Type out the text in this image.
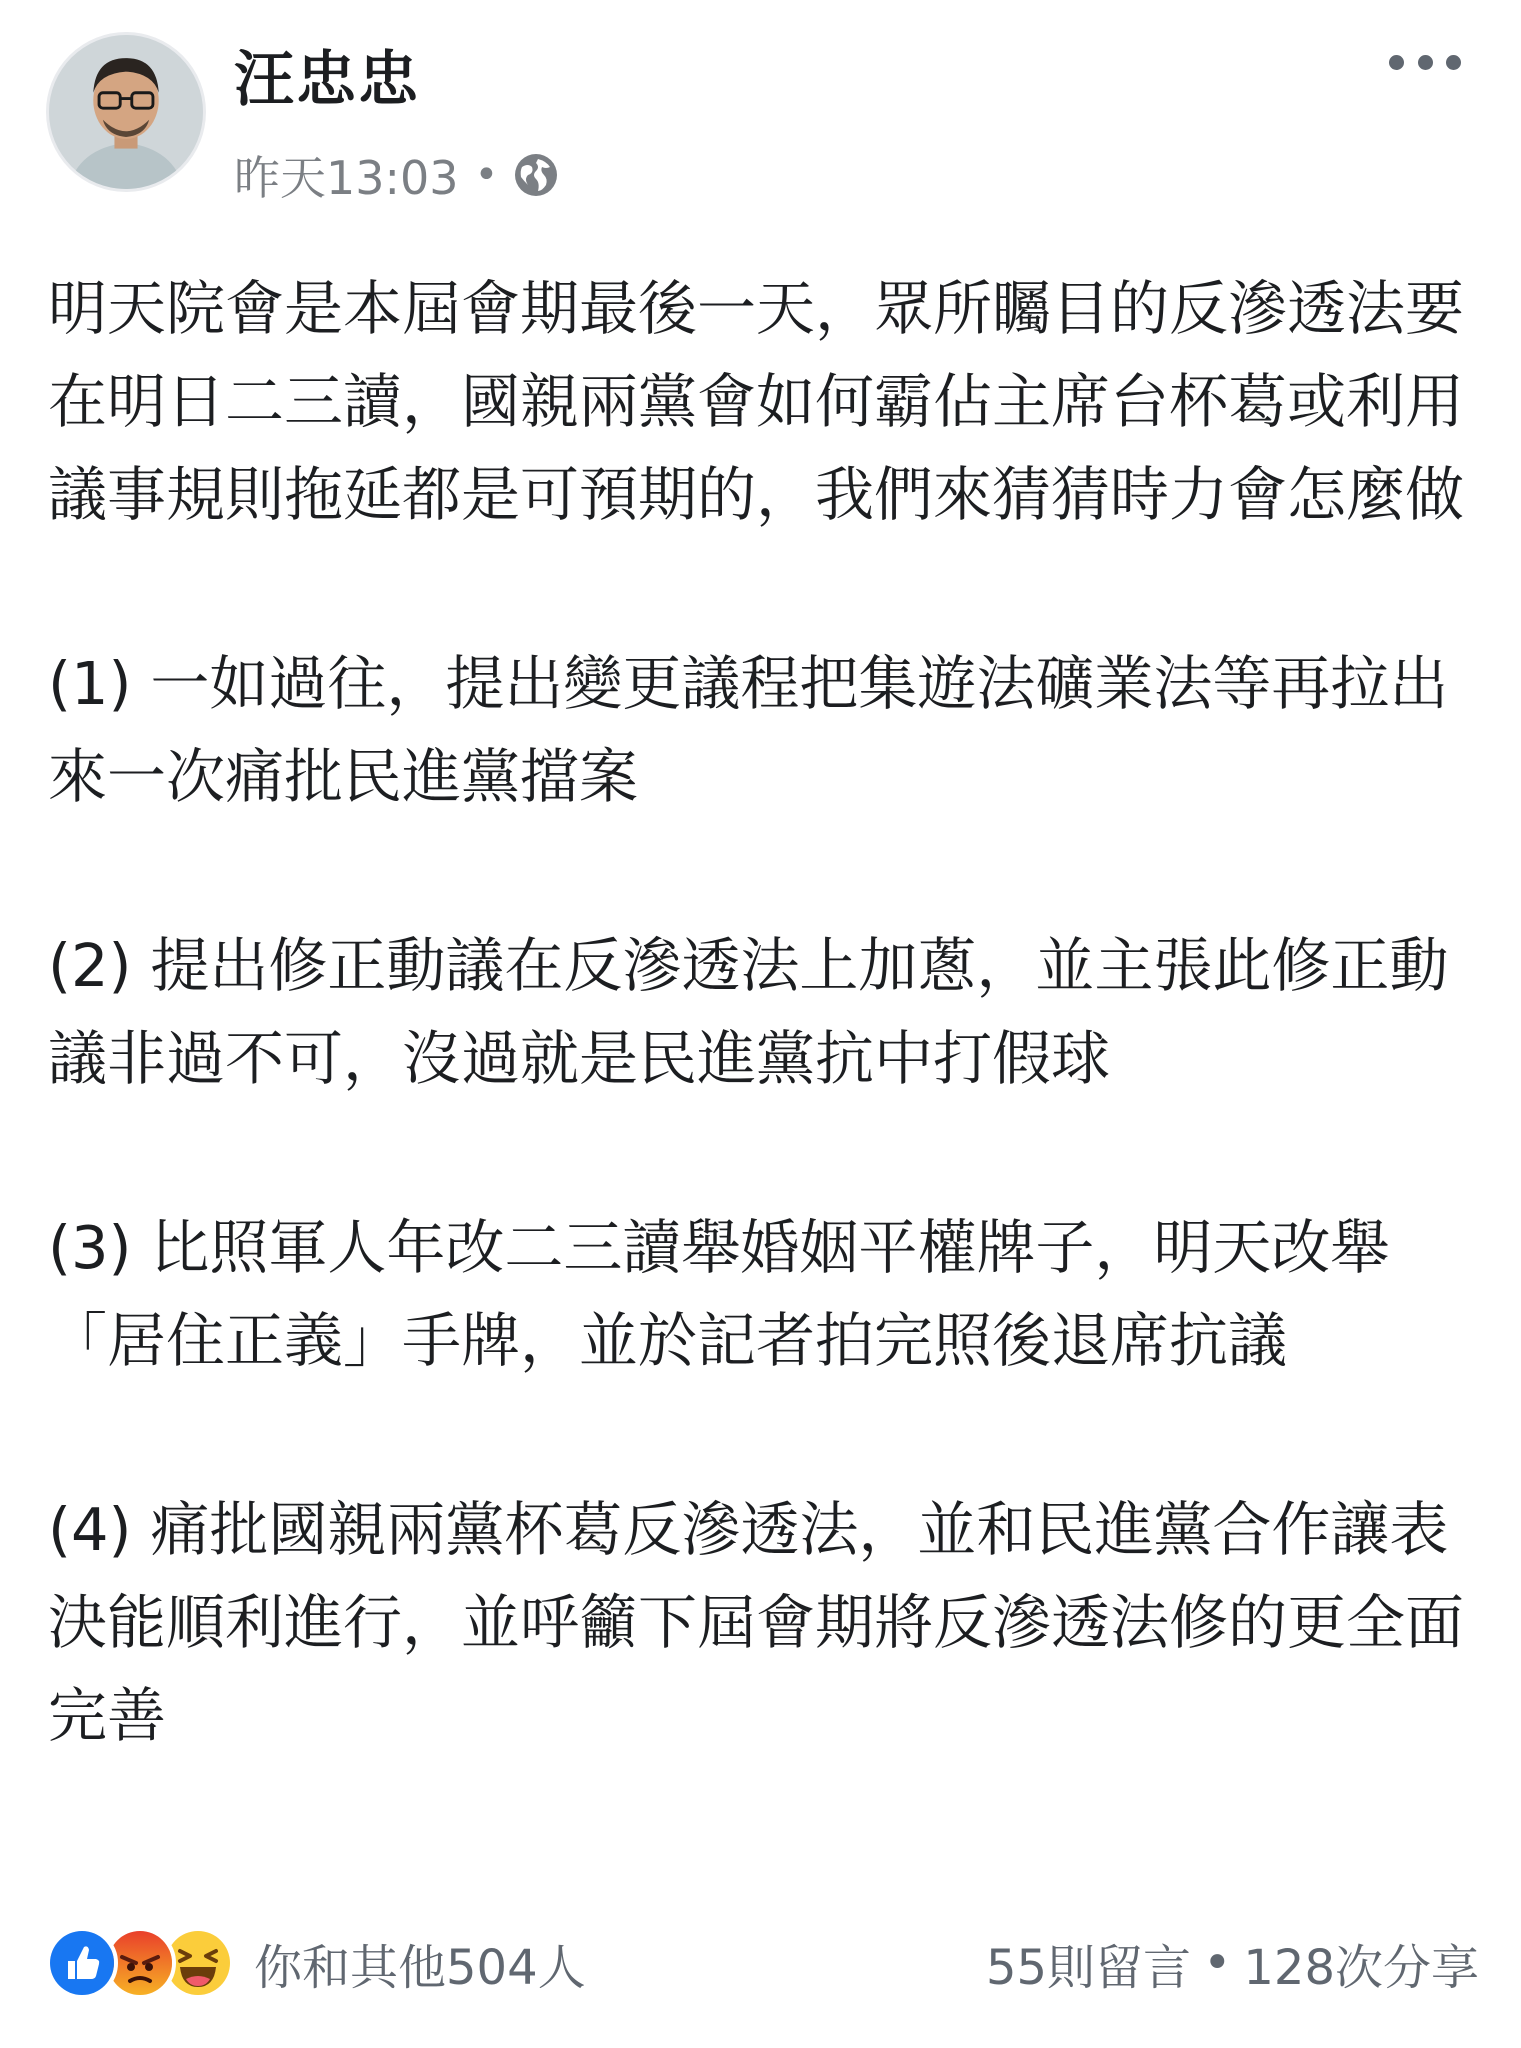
汪忠忠
昨天13:03 •

明天院會是本屆會期最後一天，眾所矚目的反滲透法要在明日二三讀，國親兩黨會如何霸佔主席台杯葛或利用議事規則拖延都是可預期的，我們來猜猜時力會怎麼做

(1) 一如過往，提出變更議程把集遊法礦業法等再拉出來一次痛批民進黨擋案

(2) 提出修正動議在反滲透法上加蔥，並主張此修正動議非過不可，沒過就是民進黨抗中打假球

(3) 比照軍人年改二三讀舉婚姻平權牌子，明天改舉「居住正義」手牌，並於記者拍完照後退席抗議

(4) 痛批國親兩黨杯葛反滲透法，並和民進黨合作讓表決能順利進行，並呼籲下屆會期將反滲透法修的更全面完善

你和其他504人	55則留言 • 128次分享
